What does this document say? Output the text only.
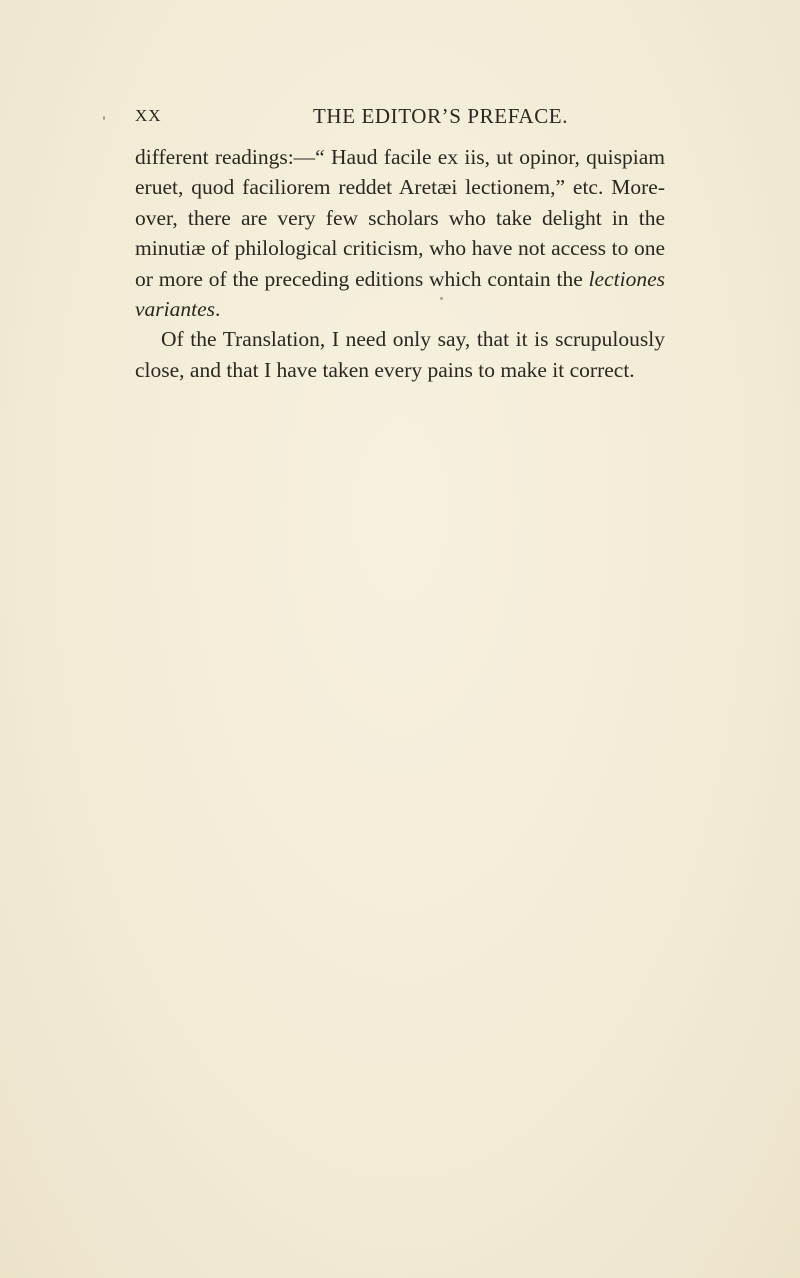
XX	THE EDITOR’S PREFACE.

different readings:—“ Haud facile ex iis, ut opinor, quispiam eruet, quod faciliorem reddet Aretæi lectionem,” etc. More- over, there are very few scholars who take delight in the minutiæ of philological criticism, who have not access to one or more of the preceding editions which contain the lectiones variantes.

Of the Translation, I need only say, that it is scrupulously close, and that I have taken every pains to make it correct.
